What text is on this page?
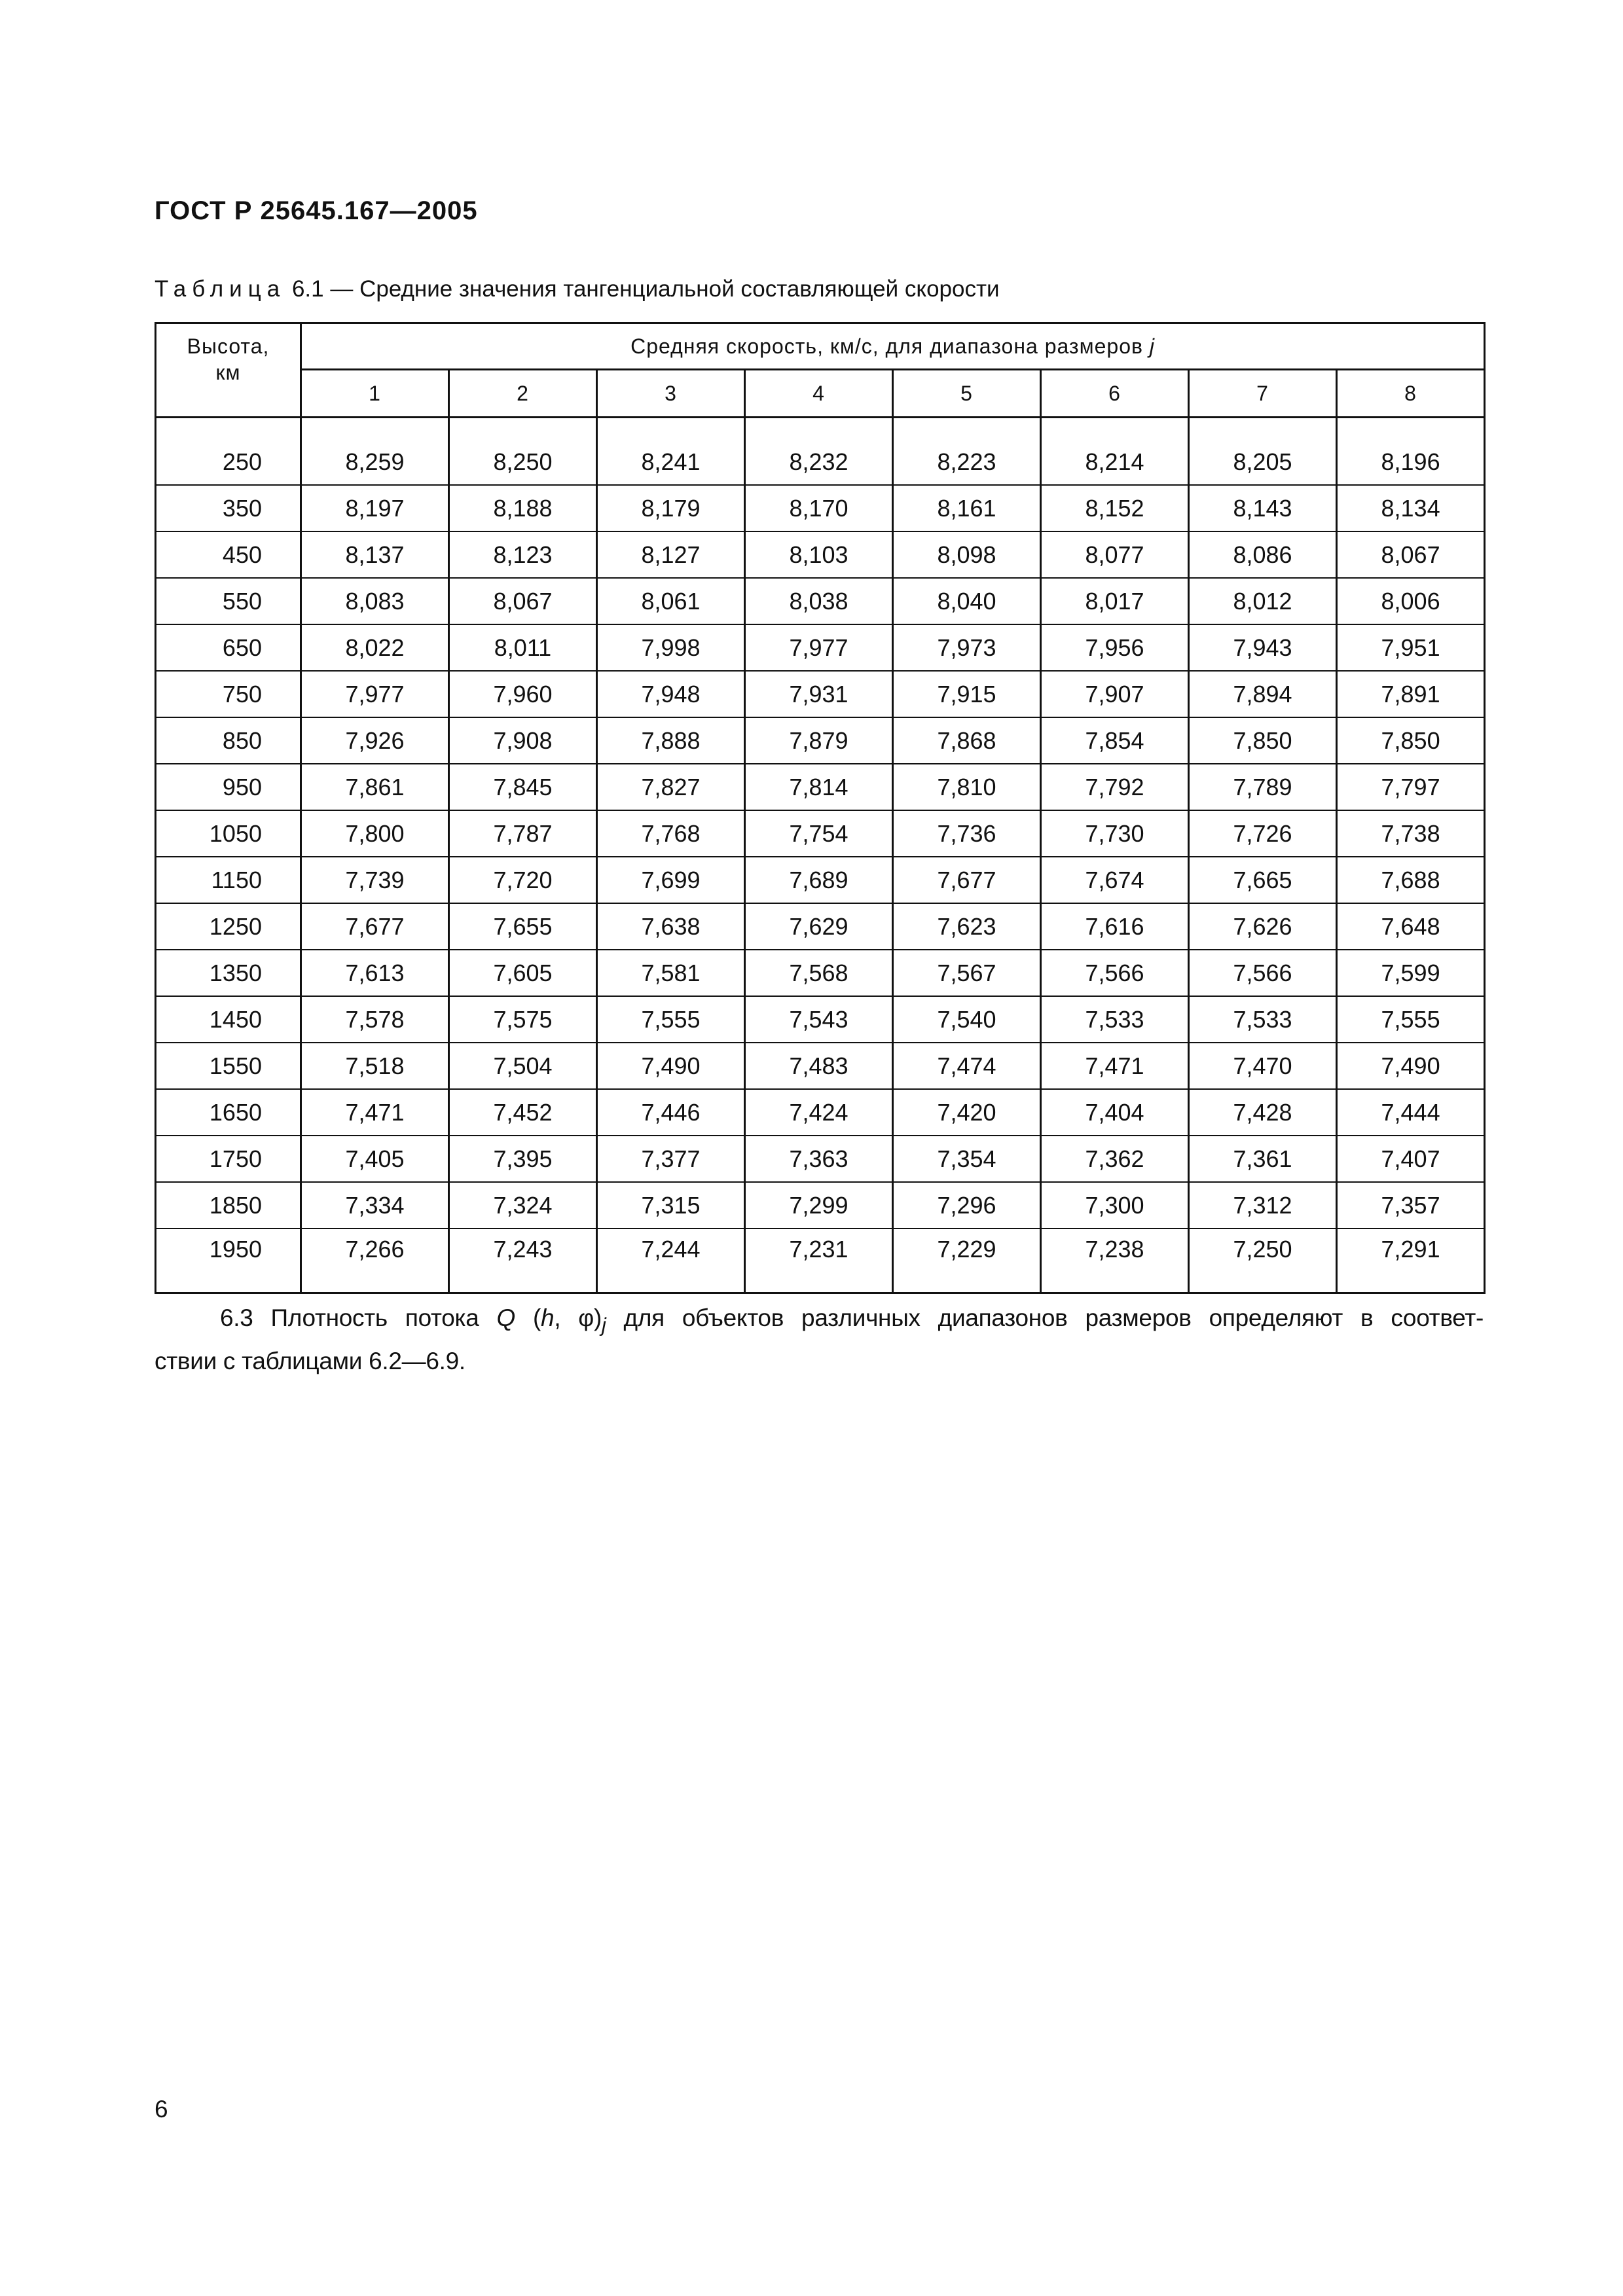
ГОСТ Р 25645.167—2005
Таблица 6.1 — Средние значения тангенциальной составляющей скорости
Высота,
км	Средняя скорость, км/с, для диапазона размеров j							
	1	2	3	4	5	6	7	8

250	8,259	8,250	8,241	8,232	8,223	8,214	8,205	8,196
350	8,197	8,188	8,179	8,170	8,161	8,152	8,143	8,134
450	8,137	8,123	8,127	8,103	8,098	8,077	8,086	8,067
550	8,083	8,067	8,061	8,038	8,040	8,017	8,012	8,006
650	8,022	8,011	7,998	7,977	7,973	7,956	7,943	7,951
750	7,977	7,960	7,948	7,931	7,915	7,907	7,894	7,891
850	7,926	7,908	7,888	7,879	7,868	7,854	7,850	7,850
950	7,861	7,845	7,827	7,814	7,810	7,792	7,789	7,797
1050	7,800	7,787	7,768	7,754	7,736	7,730	7,726	7,738
1150	7,739	7,720	7,699	7,689	7,677	7,674	7,665	7,688
1250	7,677	7,655	7,638	7,629	7,623	7,616	7,626	7,648
1350	7,613	7,605	7,581	7,568	7,567	7,566	7,566	7,599
1450	7,578	7,575	7,555	7,543	7,540	7,533	7,533	7,555
1550	7,518	7,504	7,490	7,483	7,474	7,471	7,470	7,490
1650	7,471	7,452	7,446	7,424	7,420	7,404	7,428	7,444
1750	7,405	7,395	7,377	7,363	7,354	7,362	7,361	7,407
1850	7,334	7,324	7,315	7,299	7,296	7,300	7,312	7,357
1950	7,266	7,243	7,244	7,231	7,229	7,238	7,250	7,291
6.3 Плотность потока Q (h, $\varphi)_j$ для объектов различных диапазонов размеров определяют в соответ-
ствии с таблицами 6.2—6.9.
6
